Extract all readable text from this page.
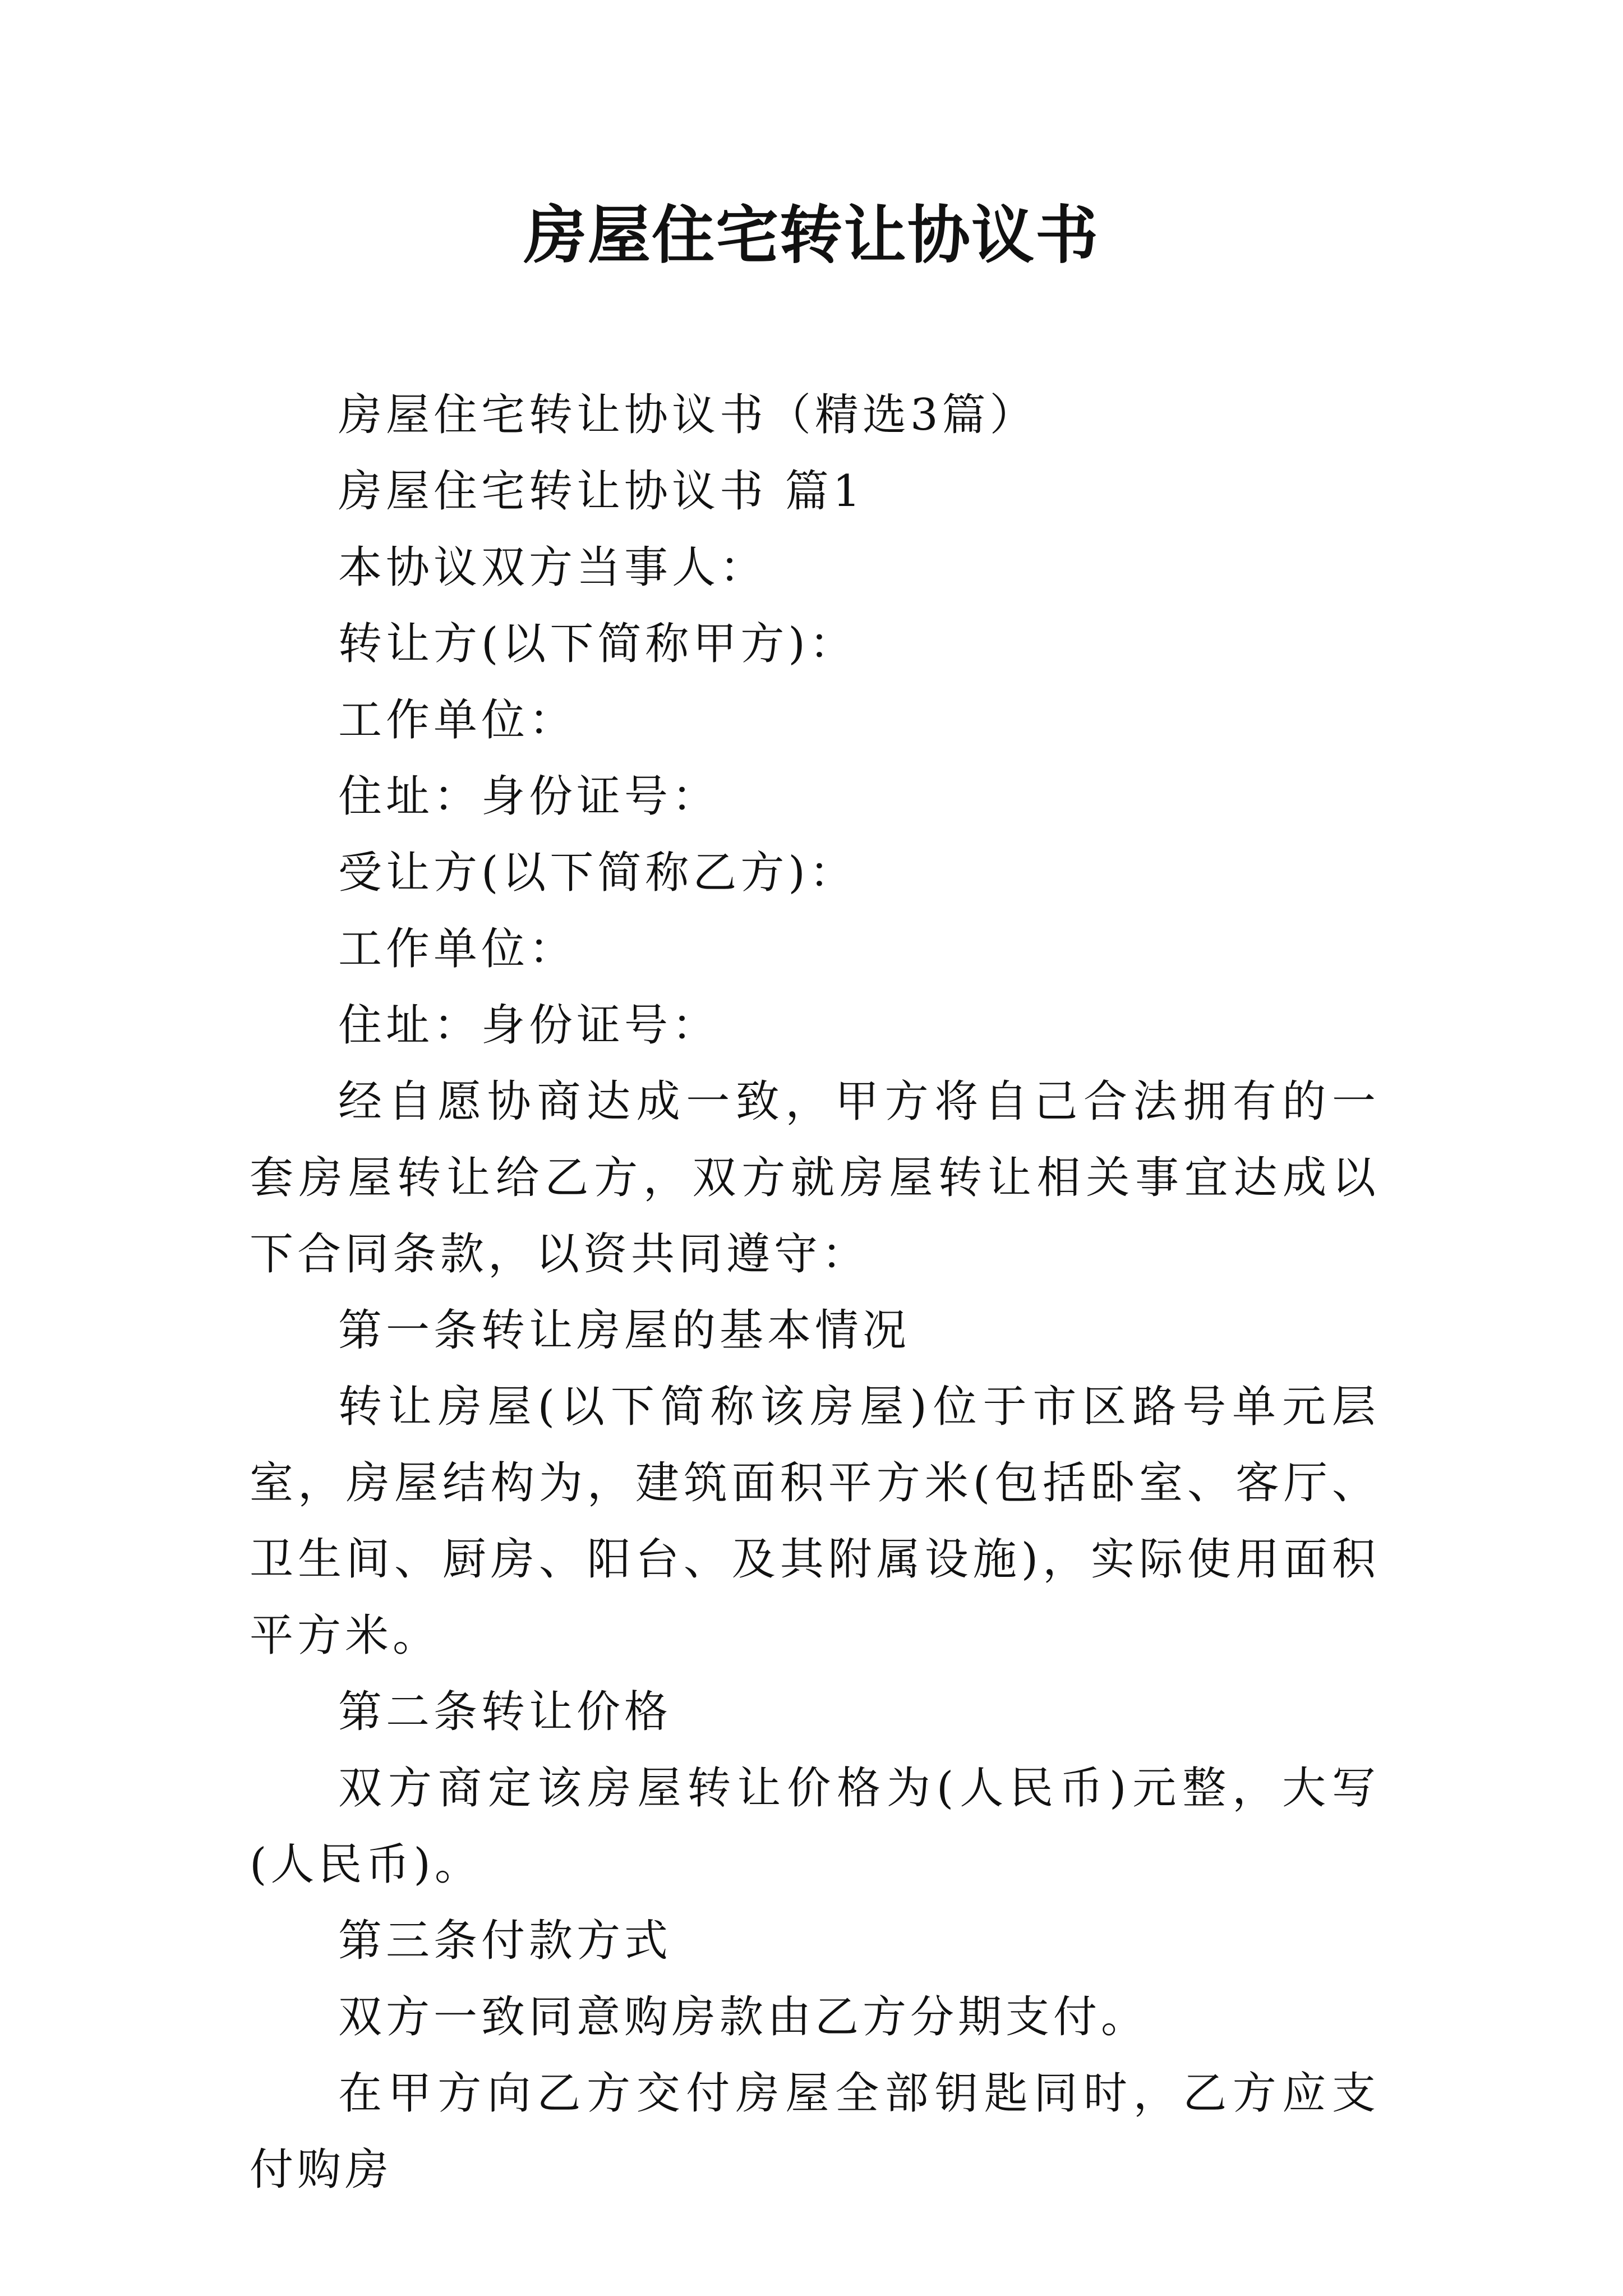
房屋住宅转让协议书

房屋住宅转让协议书（精选3篇）

房屋住宅转让协议书 篇1

本协议双方当事人：

转让方(以下简称甲方)：

工作单位：

住址：身份证号：

受让方(以下简称乙方)：

工作单位：

住址：身份证号：

经自愿协商达成一致，甲方将自己合法拥有的一套房屋转让给乙方，双方就房屋转让相关事宜达成以下合同条款，以资共同遵守：

第一条转让房屋的基本情况

转让房屋(以下简称该房屋)位于市区路号单元层室，房屋结构为，建筑面积平方米(包括卧室、客厅、卫生间、厨房、阳台、及其附属设施)，实际使用面积平方米。

第二条转让价格

双方商定该房屋转让价格为(人民币)元整，大写(人民币)。

第三条付款方式

双方一致同意购房款由乙方分期支付。

在甲方向乙方交付房屋全部钥匙同时，乙方应支付购房
